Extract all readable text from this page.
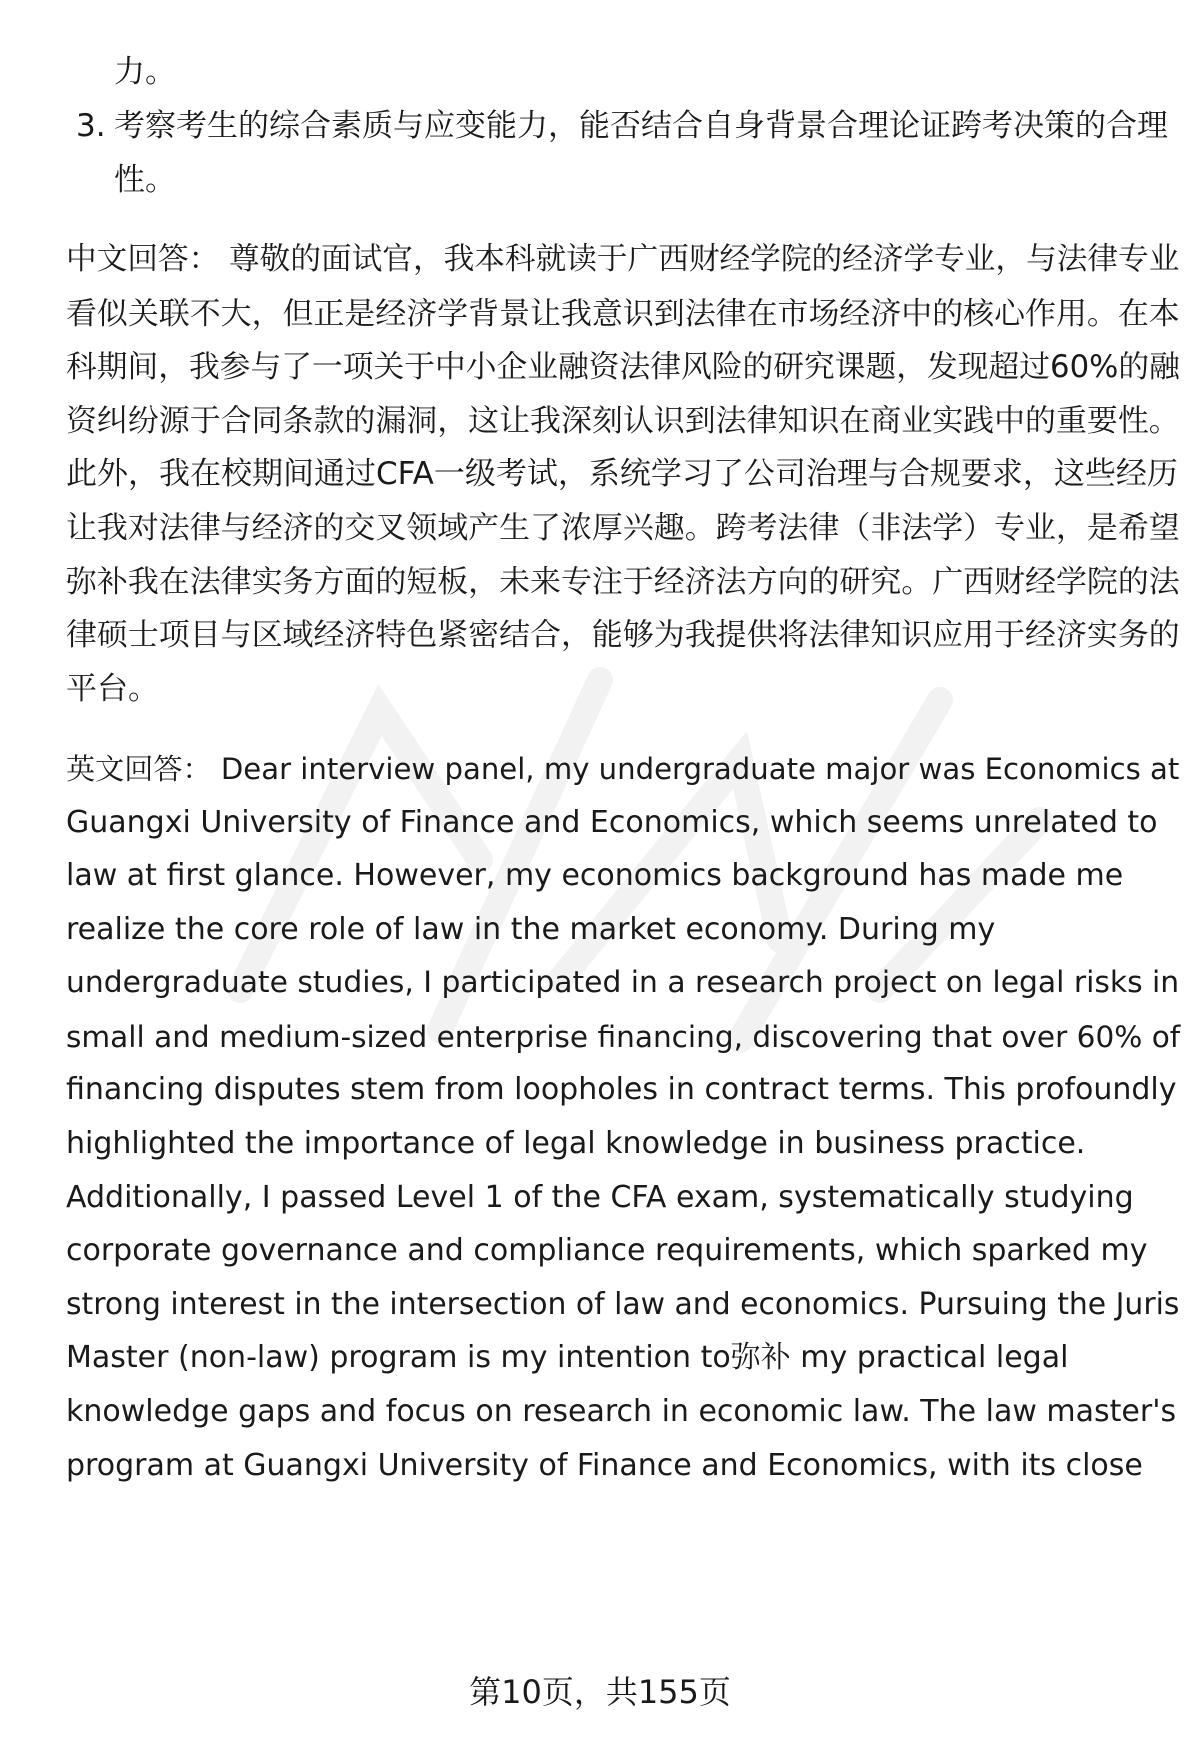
力。
3. 考察考生的综合素质与应变能力，能否结合自身背景合理论证跨考决策的合理
性。
中文回答： 尊敬的面试官，我本科就读于广西财经学院的经济学专业，与法律专业
看似关联不大，但正是经济学背景让我意识到法律在市场经济中的核心作用。在本
科期间，我参与了一项关于中小企业融资法律风险的研究课题，发现超过60%的融
资纠纷源于合同条款的漏洞，这让我深刻认识到法律知识在商业实践中的重要性。
此外，我在校期间通过CFA一级考试，系统学习了公司治理与合规要求，这些经历
让我对法律与经济的交叉领域产生了浓厚兴趣。跨考法律（非法学）专业，是希望
弥补我在法律实务方面的短板，未来专注于经济法方向的研究。广西财经学院的法
律硕士项目与区域经济特色紧密结合，能够为我提供将法律知识应用于经济实务的
平台。
英文回答： Dear interview panel, my undergraduate major was Economics at
Guangxi University of Finance and Economics, which seems unrelated to
law at first glance. However, my economics background has made me
realize the core role of law in the market economy. During my
undergraduate studies, I participated in a research project on legal risks in
small and medium-sized enterprise financing, discovering that over 60% of
financing disputes stem from loopholes in contract terms. This profoundly
highlighted the importance of legal knowledge in business practice.
Additionally, I passed Level 1 of the CFA exam, systematically studying
corporate governance and compliance requirements, which sparked my
strong interest in the intersection of law and economics. Pursuing the Juris
Master (non-law) program is my intention to弥补 my practical legal
knowledge gaps and focus on research in economic law. The law master's
program at Guangxi University of Finance and Economics, with its close
第10页，共155页
